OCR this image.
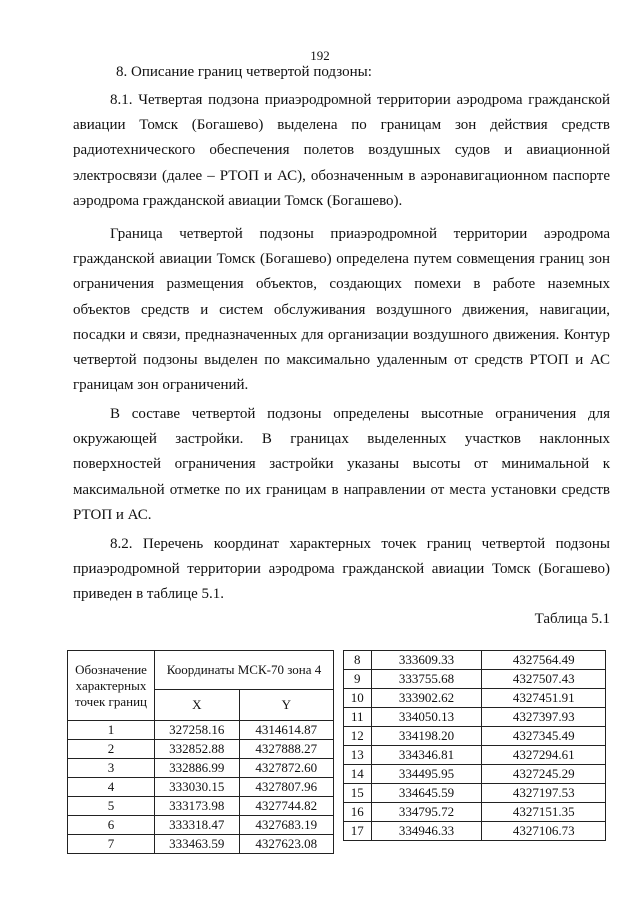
192
8. Описание границ четвертой подзоны:

8.1. Четвертая подзона приаэродромной территории аэродрома гражданской авиации Томск (Богашево) выделена по границам зон действия средств радиотехнического обеспечения полетов воздушных судов и авиационной электросвязи (далее – РТОП и АС), обозначенным в аэронавигационном паспорте аэродрома гражданской авиации Томск (Богашево).

Граница четвертой подзоны приаэродромной территории аэродрома гражданской авиации Томск (Богашево) определена путем совмещения границ зон ограничения размещения объектов, создающих помехи в работе наземных объектов средств и систем обслуживания воздушного движения, навигации, посадки и связи, предназначенных для организации воздушного движения. Контур четвертой подзоны выделен по максимально удаленным от средств РТОП и АС границам зон ограничений.

В составе четвертой подзоны определены высотные ограничения для окружающей застройки. В границах выделенных участков наклонных поверхностей ограничения застройки указаны высоты от минимальной к максимальной отметке по их границам в направлении от места установки средств РТОП и АС.

8.2. Перечень координат характерных точек границ четвертой подзоны приаэродромной территории аэродрома гражданской авиации Томск (Богашево) приведен в таблице 5.1.

Таблица 5.1
Обозначение характерных точек границ	Координаты МСК-70 зона 4	
	X	Y
1	327258.16	4314614.87
2	332852.88	4327888.27
3	332886.99	4327872.60
4	333030.15	4327807.96
5	333173.98	4327744.82
6	333318.47	4327683.19
7	333463.59	4327623.08
8	333609.33	4327564.49
9	333755.68	4327507.43
10	333902.62	4327451.91
11	334050.13	4327397.93
12	334198.20	4327345.49
13	334346.81	4327294.61
14	334495.95	4327245.29
15	334645.59	4327197.53
16	334795.72	4327151.35
17	334946.33	4327106.73
